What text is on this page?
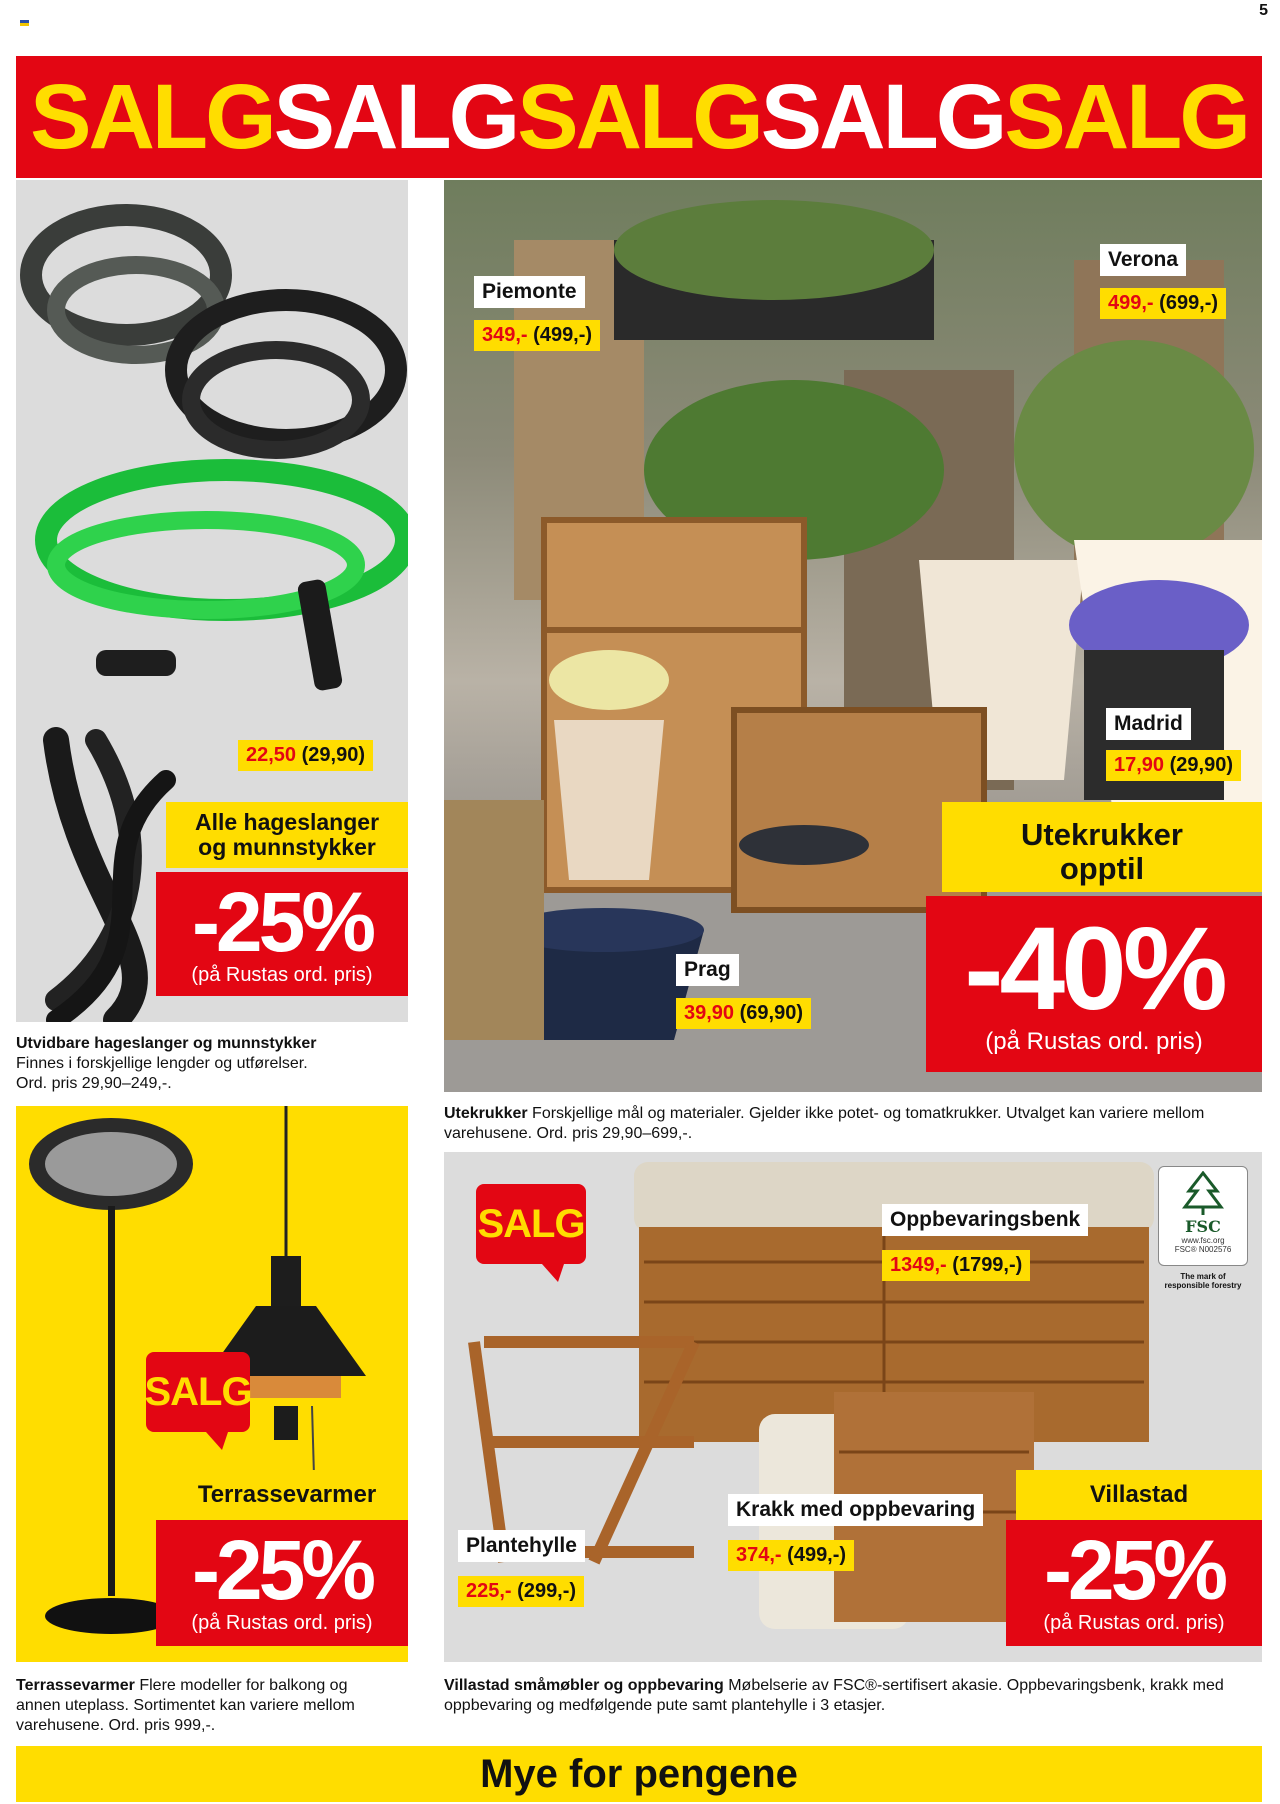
5
SALG SALG SALG SALG SALG
22,50 (29,90)
Alle hageslanger og munnstykker
-25%
(på Rustas ord. pris)
Utvidbare hageslanger og munnstykker
Finnes i forskjellige lengder og utførelser.
Ord. pris 29,90–249,-.
Piemonte
349,- (499,-)
Verona
499,- (699,-)
Madrid
17,90 (29,90)
Prag
39,90 (69,90)
Utekrukker opptil
-40%
(på Rustas ord. pris)
Utekrukker Forskjellige mål og materialer. Gjelder ikke potet- og tomatkrukker. Utvalget kan variere mellom varehusene. Ord. pris 29,90–699,-.
SALG
Terrassevarmer
-25%
(på Rustas ord. pris)
Terrassevarmer Flere modeller for balkong og annen uteplass. Sortimentet kan variere mellom varehusene. Ord. pris 999,-.
SALG	FSC
www.fsc.org
FSC® N002576
The mark of responsible forestry
Oppbevaringsbenk
1349,- (1799,-)
Krakk med oppbevaring
374,- (499,-)
Plantehylle
225,- (299,-)
Villastad
-25%
(på Rustas ord. pris)
Villastad småmøbler og oppbevaring Møbelserie av FSC®-sertifisert akasie. Oppbevaringsbenk, krakk med oppbevaring og medfølgende pute samt plantehylle i 3 etasjer.
Mye for pengene
